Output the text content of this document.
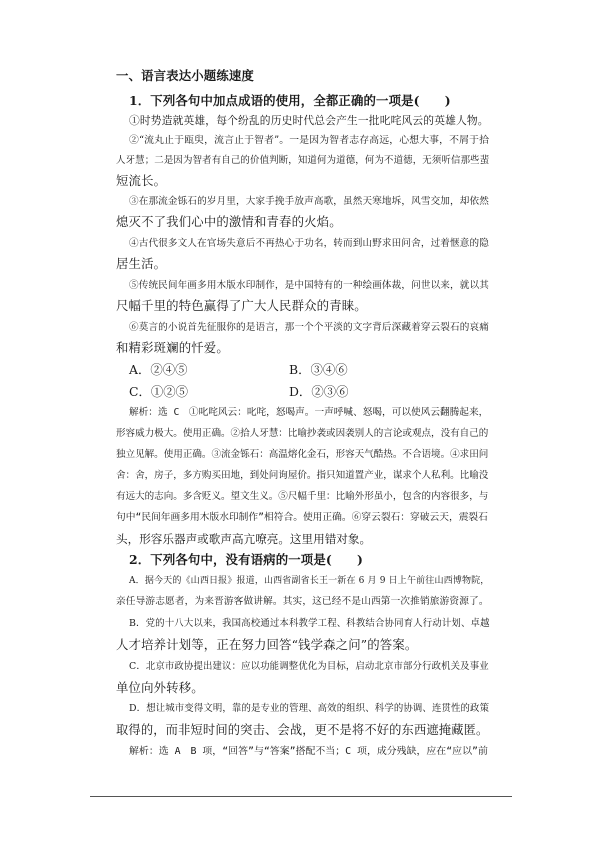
一、语言表达小题练速度
1．下列各句中加点成语的使用，全都正确的一项是(　　)
①时势造就英雄，每个纷乱的历史时代总会产生一批叱咤风云的英雄人物。
②“流丸止于瓯臾，流言止于智者”。一是因为智者志存高远，心想大事，不屑于拾
人牙慧；二是因为智者有自己的价值判断，知道何为道德，何为不道德，无须听信那些蜚
短流长。
③在那流金铄石的岁月里，大家手挽手放声高歌，虽然天寒地坼，风雪交加，却依然
熄灭不了我们心中的激情和青春的火焰。
④古代很多文人在官场失意后不再热心于功名，转而到山野求田问舍，过着惬意的隐
居生活。
⑤传统民间年画多用木版水印制作，是中国特有的一种绘画体裁，问世以来，就以其
尺幅千里的特色赢得了广大人民群众的青睐。
⑥莫言的小说首先征服你的是语言，那一个个平淡的文字背后深藏着穿云裂石的哀痛
和精彩斑斓的忏爱。
A．②④⑤	B．③④⑥
C．①②⑤	D．②③⑥
解析：选 C　①叱咤风云：叱咤，怒喝声。一声呼喊、怒喝，可以使风云翻腾起来，
形容威力极大。使用正确。②拾人牙慧：比喻抄袭或因袭别人的言论或观点，没有自己的
独立见解。使用正确。③流金铄石：高温熔化金石，形容天气酷热。不合语境。④求田问
舍：舍，房子，多方购买田地，到处问询屋价。指只知道置产业，谋求个人私利。比喻没
有远大的志向。多含贬义。望文生义。⑤尺幅千里：比喻外形虽小，包含的内容很多，与
句中“民间年画多用木版水印制作”相符合。使用正确。⑥穿云裂石：穿破云天，震裂石
头，形容乐器声或歌声高亢嘹亮。这里用错对象。
2．下列各句中，没有语病的一项是(　　)
A．据今天的《山西日报》报道，山西省副省长王一新在 6 月 9 日上午前往山西博物院，
亲任导游志愿者，为来晋游客做讲解。其实，这已经不是山西第一次推销旅游资源了。
B．党的十八大以来，我国高校通过本科教学工程、科教结合协同育人行动计划、卓越
人才培养计划等，正在努力回答“钱学森之问”的答案。
C．北京市政协提出建议：应以功能调整优化为目标，启动北京市部分行政机关及事业
单位向外转移。
D．想让城市变得文明，靠的是专业的管理、高效的组织、科学的协调、连贯性的政策
取得的，而非短时间的突击、会战，更不是将不好的东西遮掩藏匿。
解析：选 A　B 项，“回答”与“答案”搭配不当；C 项，成分残缺，应在“应以”前
